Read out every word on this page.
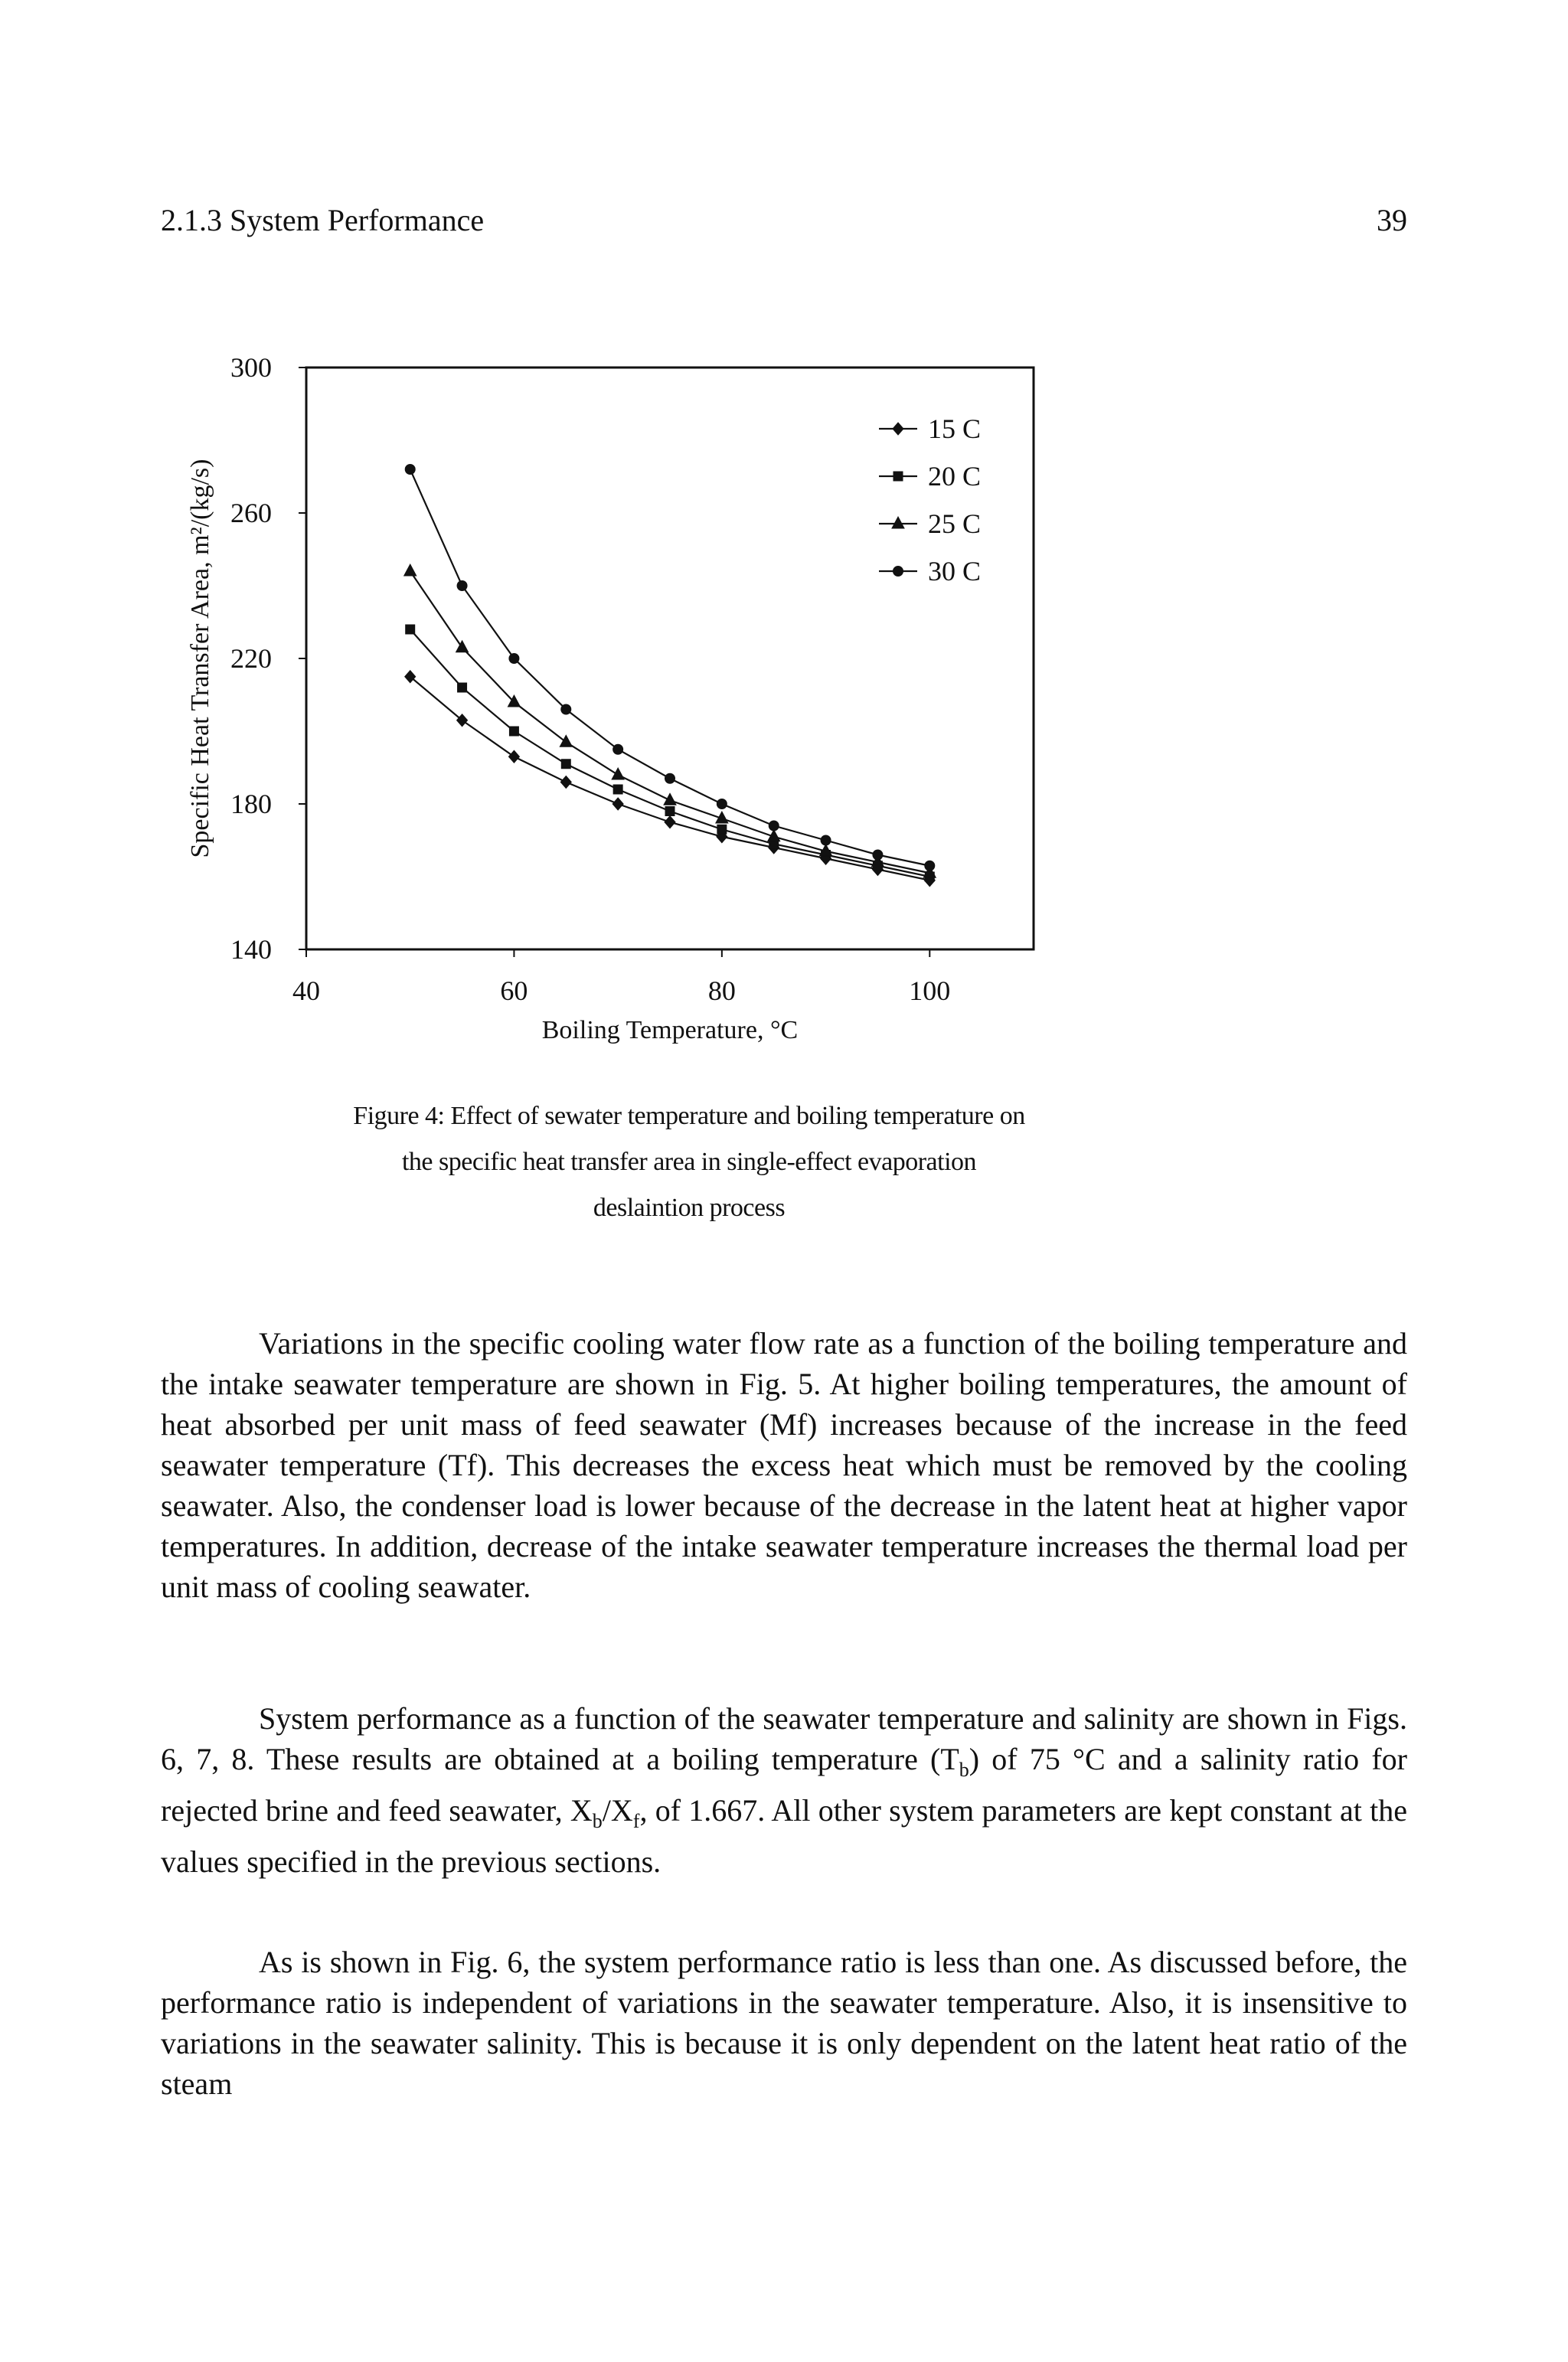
2.1.3 System Performance	39
140
180
220
260
300
40	60	80	100
15 C
20 C
25 C
30 C
Boiling Temperature, °C
Specific Heat Transfer Area, m²/(kg/s)
Figure 4: Effect of sewater temperature and boiling temperature on the specific heat transfer area in single-effect evaporation deslaintion process

Variations in the specific cooling water flow rate as a function of the boiling temperature and the intake seawater temperature are shown in Fig. 5. At higher boiling temperatures, the amount of heat absorbed per unit mass of feed seawater (Mf) increases because of the increase in the feed seawater temperature (Tf). This decreases the excess heat which must be removed by the cooling seawater. Also, the condenser load is lower because of the decrease in the latent heat at higher vapor temperatures. In addition, decrease of the intake seawater temperature increases the thermal load per unit mass of cooling seawater.

System performance as a function of the seawater temperature and salinity are shown in Figs. 6, 7, 8. These results are obtained at a boiling temperature $(T_b)$ of 75 °C and a salinity ratio for rejected brine and feed seawater, $X_b/X_f$, of 1.667. All other system parameters are kept constant at the values specified in the previous sections.

As is shown in Fig. 6, the system performance ratio is less than one. As discussed before, the performance ratio is independent of variations in the seawater temperature. Also, it is insensitive to variations in the seawater salinity. This is because it is only dependent on the latent heat ratio of the steam
